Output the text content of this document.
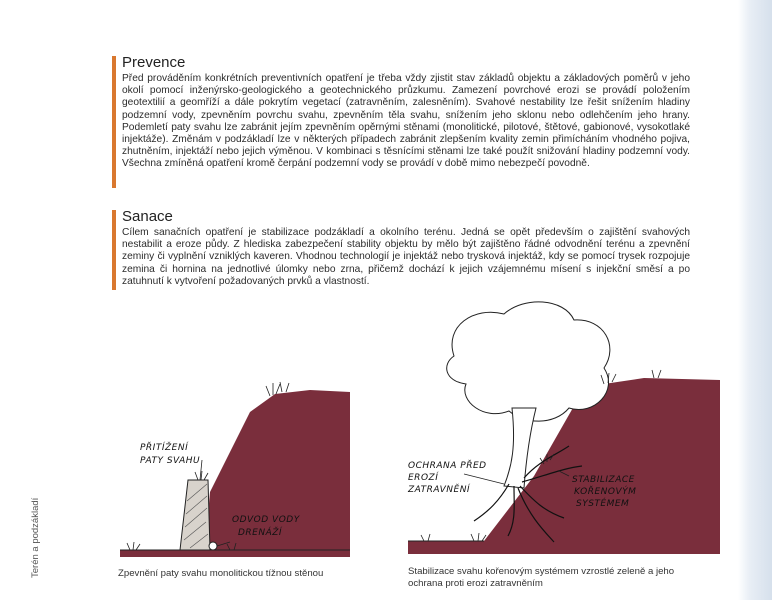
Prevence

Před prováděním konkrétních preventivních opatření je třeba vždy zjistit stav základů objektu a základových poměrů v jeho okolí pomocí inženýrsko-geologického a geotechnického průzkumu. Zamezení povrchové erozi se provádí položením geotextilií a geomříží a dále pokrytím vegetací (zatravněním, zalesněním). Svahové nestability lze řešit snížením hladiny podzemní vody, zpevněním povrchu svahu, zpevněním těla svahu, snížením jeho sklonu nebo odlehčením jeho hrany. Podemletí paty svahu lze zabránit jejím zpevněním opěrnými stěnami (monolitické, pilotové, štětové, gabionové, vysokotlaké injektáže). Změnám v podzákladí lze v některých případech zabránit zlepšením kvality zemin přimícháním vhodného pojiva, zhutněním, injektáží nebo jejich výměnou. V kombinaci s těsnícími stěnami lze také použít snižování hladiny podzemní vody. Všechna zmíněná opatření kromě čerpání podzemní vody se provádí v době mimo nebezpečí povodně.

Sanace

Cílem sanačních opatření je stabilizace podzákladí a okolního terénu. Jedná se opět především o zajištění svahových nestabilit a eroze půdy. Z hlediska zabezpečení stability objektu by mělo být zajištěno řádné odvodnění terénu a zpevnění zeminy či vyplnění vzniklých kaveren. Vhodnou technologií je injektáž nebo trysková injektáž, kdy se pomocí trysek rozpojuje zemina či hornina na jednotlivé úlomky nebo zrna, přičemž dochází k jejich vzájemnému mísení s injekční směsí a po zatuhnutí k vytvoření požadovaných prvků a vlastností.

PŘITÍŽENÍ
PATY SVAHU
ODVOD VODY
DRENÁŽÍ
Zpevnění paty svahu monolitickou tížnou stěnou
OCHRANA PŘED
EROZÍ
ZATRAVNĚNÍ
STABILIZACE
KOŘENOVÝM
SYSTÉMEM
Stabilizace svahu kořenovým systémem vzrostlé zeleně a jeho
ochrana proti erozi zatravněním
Terén a podzákladí
